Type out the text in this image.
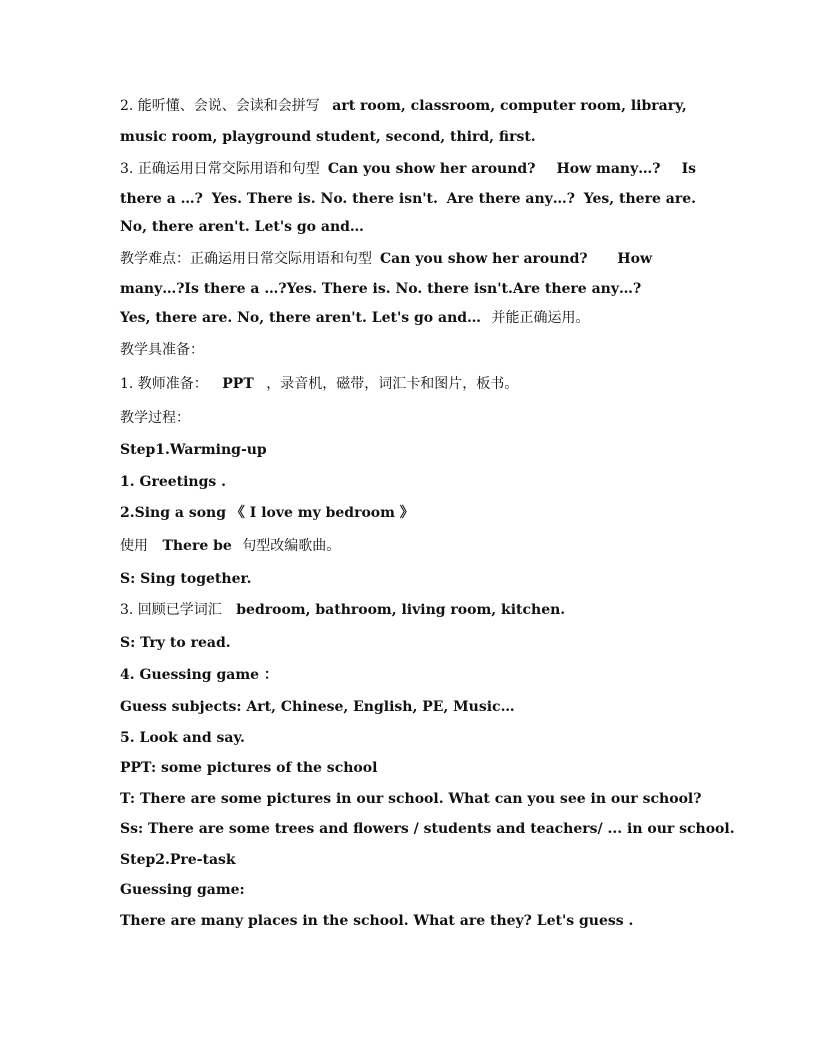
2. 能听懂、会说、会读和会拼写 art room, classroom, computer room, library,
music room, playground student, second, third, first.
3. 正确运用日常交际用语和句型 Can you show her around? How many…? Is
there a …? Yes. There is. No. there isn't. Are there any…? Yes, there are.
No, there aren't. Let's go and…
教学难点：正确运用日常交际用语和句型 Can you show her around? How
many…? Is there a …? Yes. There is. No. there isn't. Are there any…?
Yes, there are. No, there aren't. Let's go and… 并能正确运用。
教学具准备：
1. 教师准备： PPT ，录音机，磁带，词汇卡和图片，板书。
教学过程：
Step1.Warming-up
1. Greetings .
2.Sing a song 《 I love my bedroom 》
使用 There be 句型改编歌曲。
S: Sing together.
3. 回顾已学词汇 bedroom, bathroom, living room, kitchen.
S: Try to read.
4. Guessing game ：
Guess subjects: Art, Chinese, English, PE, Music…
5. Look and say.
PPT: some pictures of the school
T: There are some pictures in our school. What can you see in our school?
Ss: There are some trees and flowers / students and teachers/ ... in our school.
Step2.Pre-task
Guessing game:
There are many places in the school. What are they? Let's guess .
